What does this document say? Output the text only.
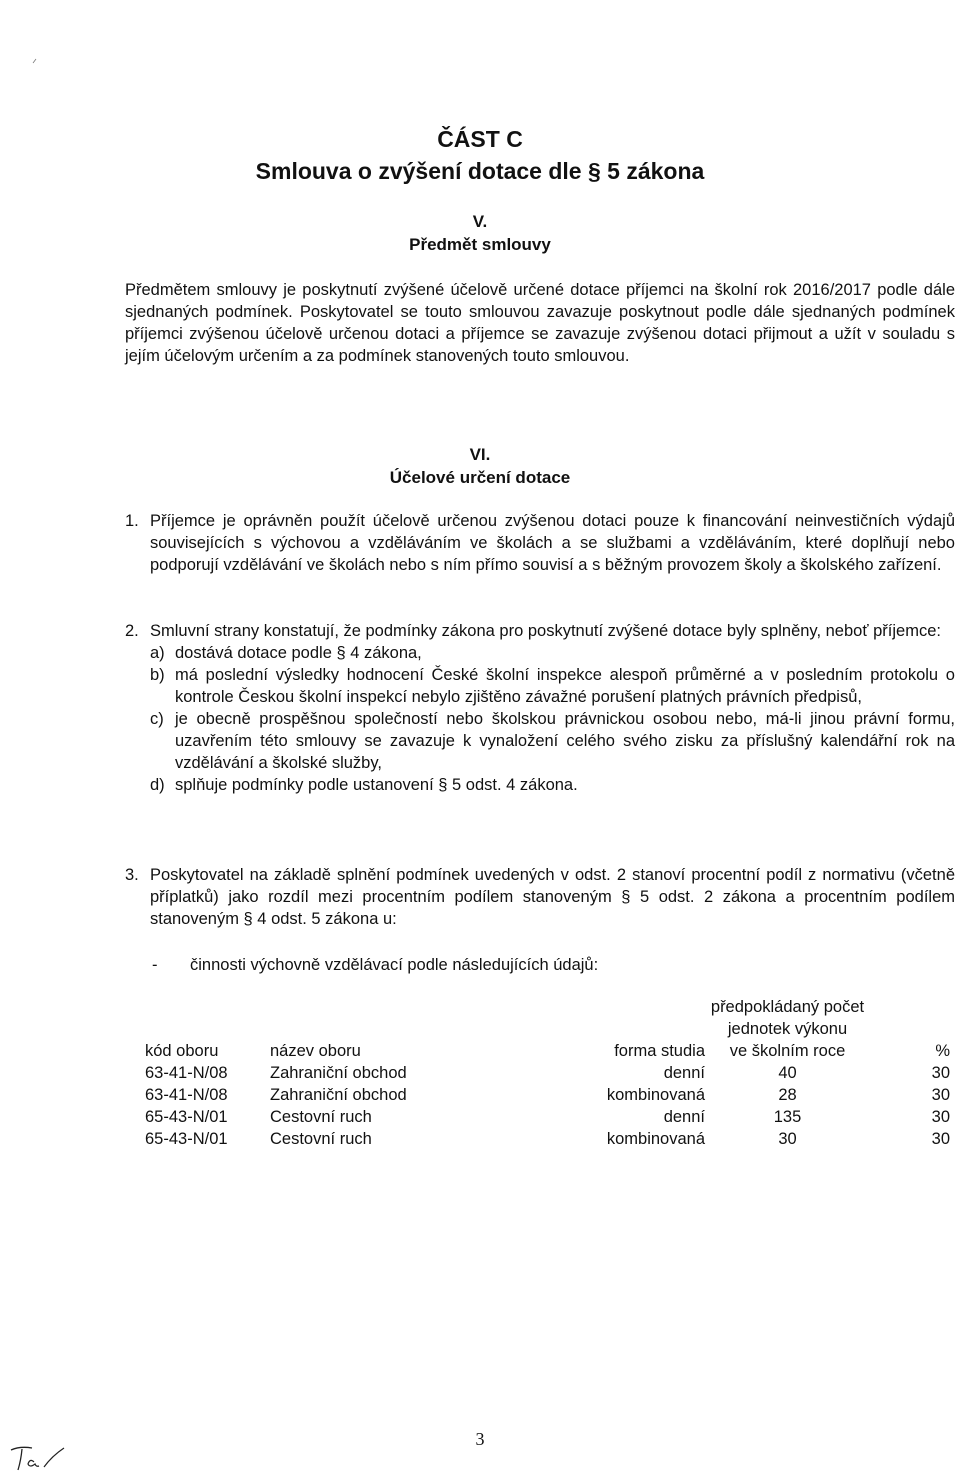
ČÁST C
Smlouva o zvýšení dotace dle § 5 zákona
V.
Předmět smlouvy
Předmětem smlouvy je poskytnutí zvýšené účelově určené dotace příjemci na školní rok 2016/2017 podle dále sjednaných podmínek. Poskytovatel se touto smlouvou zavazuje poskytnout podle dále sjednaných podmínek příjemci zvýšenou účelově určenou dotaci a příjemce se zavazuje zvýšenou dotaci přijmout a užít v souladu s jejím účelovým určením a za podmínek stanovených touto smlouvou.
VI.
Účelové určení dotace
1. Příjemce je oprávněn použít účelově určenou zvýšenou dotaci pouze k financování neinvestičních výdajů souvisejících s výchovou a vzděláváním ve školách a se službami a vzděláváním, které doplňují nebo podporují vzdělávání ve školách nebo s ním přímo souvisí a s běžným provozem školy a školského zařízení.
2. Smluvní strany konstatují, že podmínky zákona pro poskytnutí zvýšené dotace byly splněny, neboť příjemce:
a) dostává dotace podle § 4 zákona,
b) má poslední výsledky hodnocení České školní inspekce alespoň průměrné a v posledním protokolu o kontrole Českou školní inspekcí nebylo zjištěno závažné porušení platných právních předpisů,
c) je obecně prospěšnou společností nebo školskou právnickou osobou nebo, má-li jinou právní formu, uzavřením této smlouvy se zavazuje k vynaložení celého svého zisku za příslušný kalendářní rok na vzdělávání a školské služby,
d) splňuje podmínky podle ustanovení § 5 odst. 4 zákona.
3. Poskytovatel na základě splnění podmínek uvedených v odst. 2 stanoví procentní podíl z normativu (včetně příplatků) jako rozdíl mezi procentním podílem stanoveným § 5 odst. 2 zákona a procentním podílem stanoveným § 4 odst. 5 zákona u:
- činnosti výchovně vzdělávací podle následujících údajů:
kód oboru	název oboru	forma studia	předpokládaný počet
jednotek výkonu
ve školním roce	%
63-41-N/08	Zahraniční obchod	denní	40	30
63-41-N/08	Zahraniční obchod	kombinovaná	28	30
65-43-N/01	Cestovní ruch	denní	135	30
65-43-N/01	Cestovní ruch	kombinovaná	30	30
3
